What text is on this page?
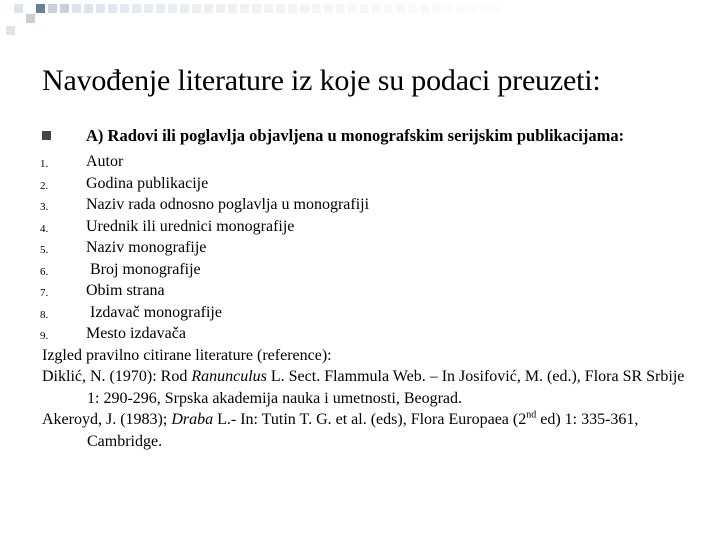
Navođenje literature iz koje su podaci preuzeti:
A) Radovi ili poglavlja objavljena u monografskim serijskim publikacijama:
1. Autor
2. Godina publikacije
3. Naziv rada odnosno poglavlja u monografiji
4. Urednik ili urednici monografije
5. Naziv monografije
6. Broj monografije
7. Obim strana
8. Izdavač monografije
9. Mesto izdavača
Izgled pravilno citirane literature (reference):
Diklić, N. (1970): Rod Ranunculus L. Sect. Flammula Web. – In Josifović, M. (ed.), Flora SR Srbije 1: 290-296, Srpska akademija nauka i umetnosti, Beograd.
Akeroyd, J. (1983); Draba L.- In: Tutin T. G. et al. (eds), Flora Europaea (2nd ed) 1: 335-361, Cambridge.
